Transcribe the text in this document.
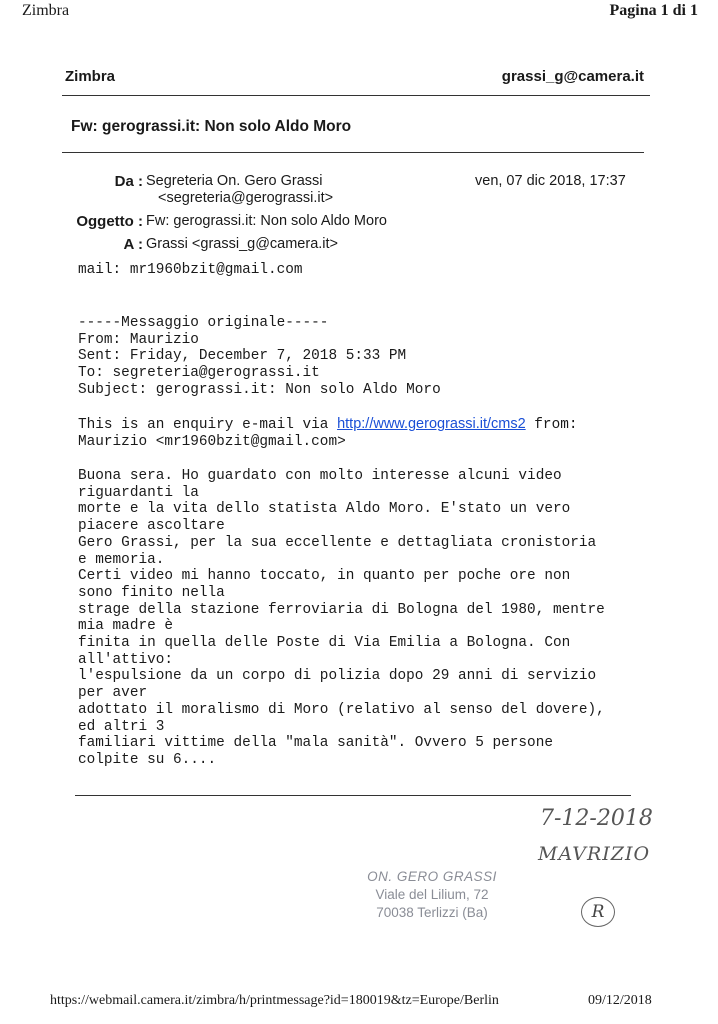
Zimbra	Pagina 1 di 1
Zimbra	grassi_g@camera.it
Fw: gerograssi.it: Non solo Aldo Moro
Da : Segreteria On. Gero Grassi
<segreteria@gerograssi.it>
ven, 07 dic 2018, 17:37
Oggetto : Fw: gerograssi.it: Non solo Aldo Moro
A : Grassi <grassi_g@camera.it>
mail: mr1960bzit@gmail.com
-----Messaggio originale-----
From: Maurizio
Sent: Friday, December 7, 2018 5:33 PM
To: segreteria@gerograssi.it
Subject: gerograssi.it: Non solo Aldo Moro
This is an enquiry e-mail via http://www.gerograssi.it/cms2 from:
Maurizio <mr1960bzit@gmail.com>
Buona sera. Ho guardato con molto interesse alcuni video
riguardanti la
morte e la vita dello statista Aldo Moro. E'stato un vero
piacere ascoltare
Gero Grassi, per la sua eccellente e dettagliata cronistoria
e memoria.
Certi video mi hanno toccato, in quanto per poche ore non
sono finito nella
strage della stazione ferroviaria di Bologna del 1980, mentre
mia madre è
finita in quella delle Poste di Via Emilia a Bologna. Con
all'attivo:
l'espulsione da un corpo di polizia dopo 29 anni di servizio
per aver
adottato il moralismo di Moro (relativo al senso del dovere),
ed altri 3
familiari vittime della "mala sanità". Ovvero 5 persone
colpite su 6....
7-12-2018
MAVRIZIO
R
ON. GERO GRASSI
Viale del Lilium, 72
70038 Terlizzi (Ba)
https://webmail.camera.it/zimbra/h/printmessage?id=180019&tz=Europe/Berlin	09/12/2018
